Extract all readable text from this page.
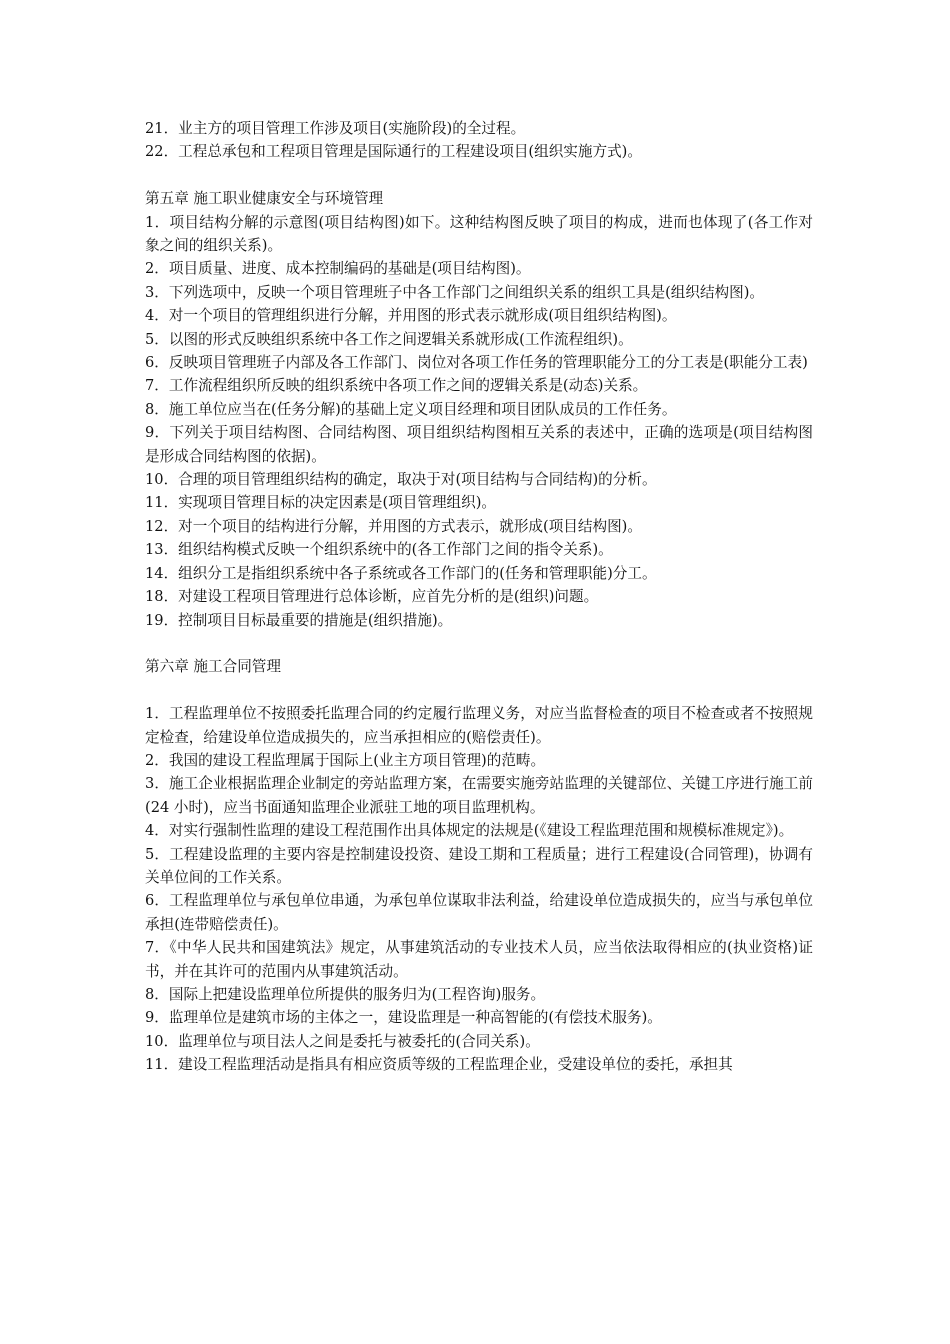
21．业主方的项目管理工作涉及项目(实施阶段)的全过程。

22．工程总承包和工程项目管理是国际通行的工程建设项目(组织实施方式)。

第五章 施工职业健康安全与环境管理

1．项目结构分解的示意图(项目结构图)如下。这种结构图反映了项目的构成，进而也体现了(各工作对象之间的组织关系)。

2．项目质量、进度、成本控制编码的基础是(项目结构图)。

3．下列选项中，反映一个项目管理班子中各工作部门之间组织关系的组织工具是(组织结构图)。

4．对一个项目的管理组织进行分解，并用图的形式表示就形成(项目组织结构图)。

5．以图的形式反映组织系统中各工作之间逻辑关系就形成(工作流程组织)。

6．反映项目管理班子内部及各工作部门、岗位对各项工作任务的管理职能分工的分工表是(职能分工表)

7．工作流程组织所反映的组织系统中各项工作之间的逻辑关系是(动态)关系。

8．施工单位应当在(任务分解)的基础上定义项目经理和项目团队成员的工作任务。

9．下列关于项目结构图、合同结构图、项目组织结构图相互关系的表述中，正确的选项是(项目结构图是形成合同结构图的依据)。

10．合理的项目管理组织结构的确定，取决于对(项目结构与合同结构)的分析。

11．实现项目管理目标的决定因素是(项目管理组织)。

12．对一个项目的结构进行分解，并用图的方式表示，就形成(项目结构图)。

13．组织结构模式反映一个组织系统中的(各工作部门之间的指令关系)。

14．组织分工是指组织系统中各子系统或各工作部门的(任务和管理职能)分工。

18．对建设工程项目管理进行总体诊断，应首先分析的是(组织)问题。

19．控制项目目标最重要的措施是(组织措施)。

第六章 施工合同管理

1．工程监理单位不按照委托监理合同的约定履行监理义务，对应当监督检查的项目不检查或者不按照规定检查，给建设单位造成损失的，应当承担相应的(赔偿责任)。

2．我国的建设工程监理属于国际上(业主方项目管理)的范畴。

3．施工企业根据监理企业制定的旁站监理方案，在需要实施旁站监理的关键部位、关键工序进行施工前(24 小时)，应当书面通知监理企业派驻工地的项目监理机构。

4．对实行强制性监理的建设工程范围作出具体规定的法规是(《建设工程监理范围和规模标准规定》)。

5．工程建设监理的主要内容是控制建设投资、建设工期和工程质量；进行工程建设(合同管理)，协调有关单位间的工作关系。

6．工程监理单位与承包单位串通，为承包单位谋取非法利益，给建设单位造成损失的，应当与承包单位承担(连带赔偿责任)。

7．《中华人民共和国建筑法》规定，从事建筑活动的专业技术人员，应当依法取得相应的(执业资格)证书，并在其许可的范围内从事建筑活动。

8．国际上把建设监理单位所提供的服务归为(工程咨询)服务。

9．监理单位是建筑市场的主体之一，建设监理是一种高智能的(有偿技术服务)。

10．监理单位与项目法人之间是委托与被委托的(合同关系)。

11．建设工程监理活动是指具有相应资质等级的工程监理企业，受建设单位的委托，承担其
